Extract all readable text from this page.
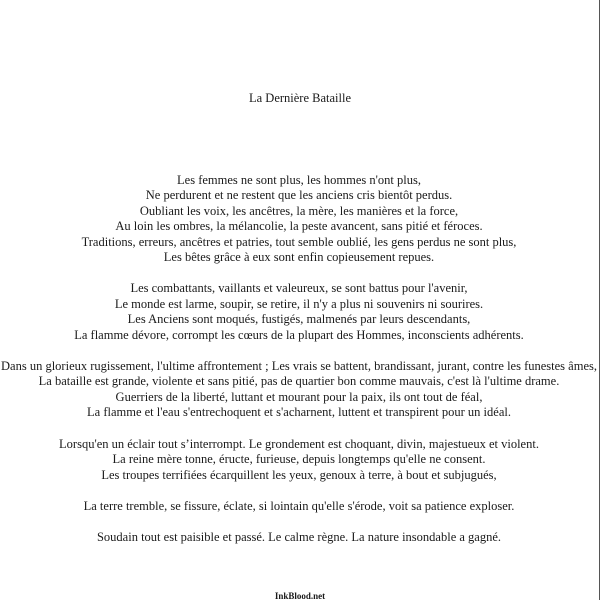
La Dernière Bataille
Les femmes ne sont plus, les hommes n'ont plus,
Ne perdurent et ne restent que les anciens cris bientôt perdus.
Oubliant les voix, les ancêtres, la mère, les manières et la force,
Au loin les ombres, la mélancolie, la peste avancent, sans pitié et féroces.
Traditions, erreurs, ancêtres et patries, tout semble oublié, les gens perdus ne sont plus,
Les bêtes grâce à eux sont enfin copieusement repues.
Les combattants, vaillants et valeureux, se sont battus pour l'avenir,
Le monde est larme, soupir, se retire, il n'y a plus ni souvenirs ni sourires.
Les Anciens sont moqués, fustigés, malmenés par leurs descendants,
La flamme dévore, corrompt les cœurs de la plupart des Hommes, inconscients adhérents.
Dans un glorieux rugissement, l'ultime affrontement ; Les vrais se battent, brandissant, jurant, contre les funestes âmes,
La bataille est grande, violente et sans pitié, pas de quartier bon comme mauvais, c'est là l'ultime drame.
Guerriers de la liberté, luttant et mourant pour la paix, ils ont tout de féal,
La flamme et l'eau s'entrechoquent et s'acharnent, luttent et transpirent pour un idéal.
Lorsqu'en un éclair tout s’interrompt. Le grondement est choquant, divin, majestueux et violent.
La reine mère tonne, éructe, furieuse, depuis longtemps qu'elle ne consent.
Les troupes terrifiées écarquillent les yeux, genoux à terre, à bout et subjugués,
La terre tremble, se fissure, éclate, si lointain qu'elle s'érode, voit sa patience exploser.
Soudain tout est paisible et passé. Le calme règne. La nature insondable a gagné.
InkBlood.net
